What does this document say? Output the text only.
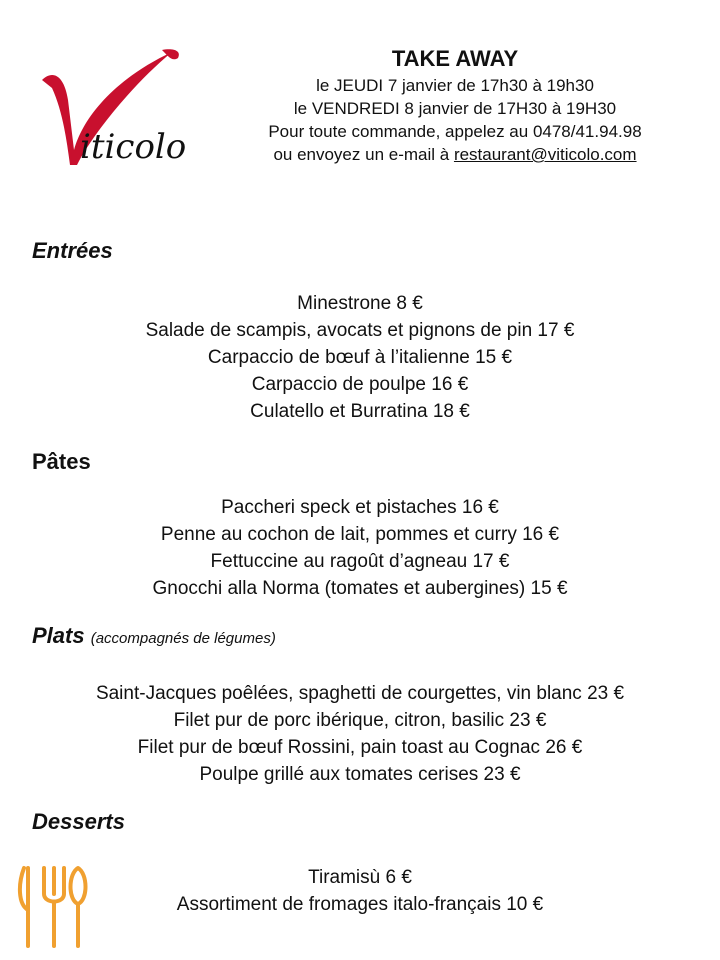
iticolo
TAKE AWAY
le JEUDI 7 janvier de 17h30 à 19h30
le VENDREDI 8 janvier de 17H30 à 19H30
Pour toute commande, appelez au 0478/41.94.98
ou envoyez un e-mail à restaurant@viticolo.com
Entrées
Minestrone 8 €
Salade de scampis, avocats et pignons de pin 17 €
Carpaccio de bœuf à l’italienne 15 €
Carpaccio de poulpe 16 €
Culatello et Burratina 18 €
Pâtes
Paccheri speck et pistaches 16 €
Penne au cochon de lait, pommes et curry 16 €
Fettuccine au ragoût d’agneau 17 €
Gnocchi alla Norma (tomates et aubergines) 15 €
Plats (accompagnés de légumes)
Saint-Jacques poêlées, spaghetti de courgettes, vin blanc 23 €
Filet pur de porc ibérique, citron, basilic 23 €
Filet pur de bœuf Rossini, pain toast au Cognac 26 €
Poulpe grillé aux tomates cerises 23 €
Desserts
Tiramisù 6 €
Assortiment de fromages italo-français 10 €
